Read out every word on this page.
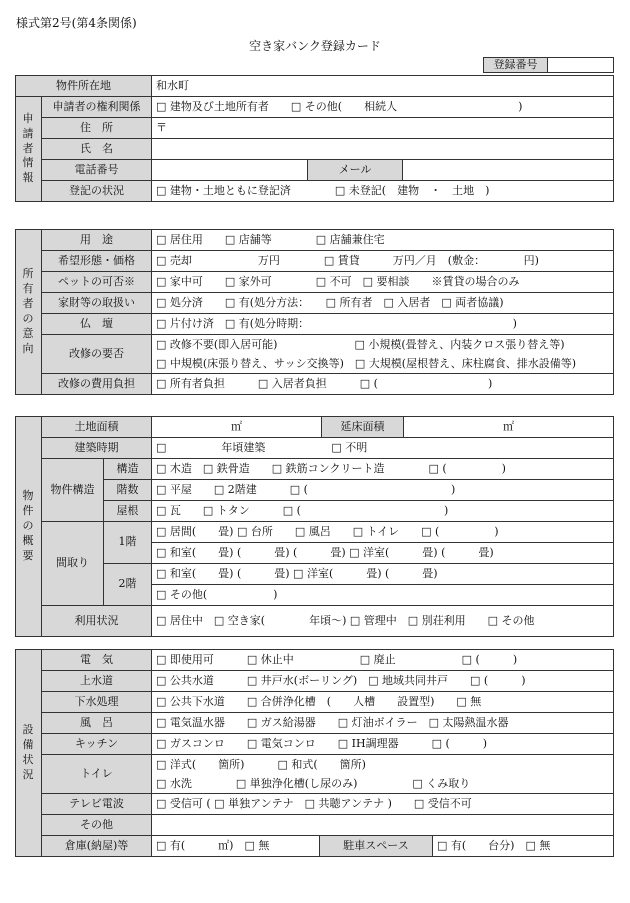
様式第2号(第4条関係)
空き家バンク登録カード
登録番号	
物件所在地		和水町		
申請者情報	申請者の権利関係	□ 建物及び土地所有者　　□ その他(　　相続人　　　　　　　　　　　)		
	住　所	〒		
	氏　名			
	電話番号		メール	
	登記の状況	□ 建物・土地ともに登記済　　　　□ 未登記(　建物　・　土地　)		
所有者の意向	用　途	□ 居住用　　□ 店舗等　　　　□ 店舗兼住宅
	希望形態・価格	□ 売却　　　　　　万円　　　　□ 賃貸　　　万円／月　(敷金：　　　　円)
	ペットの可否※	□ 家中可　　□ 家外可　　　　□ 不可　□ 要相談　　※賃貸の場合のみ
	家財等の取扱い	□ 処分済　　□ 有(処分方法：　　□ 所有者　□ 入居者　□ 両者協議)
	仏　壇	□ 片付け済　□ 有(処分時期：　　　　　　　　　　　　　　　　　　　)
	改修の要否	□ 改修不要(即入居可能)　　　　　　　□ 小規模(畳替え、内装クロス張り替え等)
□ 中規模(床張り替え、サッシ交換等)　□ 大規模(屋根替え、床柱腐食、排水設備等)

	改修の費用負担	□ 所有者負担　　　□ 入居者負担　　　□ (　　　　　　　　　　)
物件の概要	土地面積		㎡	延床面積	㎡
	建築時期		□　　　　　年頃建築　　　　　　□ 不明		
	物件構造	構造	□ 木造　□ 鉄骨造　　□ 鉄筋コンクリート造　　　　□ (　　　　　)		
		階数	□ 平屋　　□ 2階建　　　□ (　　　　　　　　　　　　　)		
		屋根	□ 瓦　　□ トタン　　　□ (　　　　　　　　　　　　　)		
	間取り	1階	□ 居間(　　畳) □ 台所　　□ 風呂　　□ トイレ　　□ (　　　　　)		
			□ 和室(　　畳) (　　　畳) (　　　畳) □ 洋室(　　　畳) (　　　畳)		
		2階	□ 和室(　　畳) (　　　畳) □ 洋室(　　　畳) (　　　畳)		
			□ その他(　　　　　　)		
	利用状況		□ 居住中　□ 空き家(　　　　年頃～) □ 管理中　□ 別荘利用　　□ その他		
設備状況	電　気	□ 即使用可　　　□ 休止中　　　　　　□ 廃止　　　　　　□ (　　　)		
	上水道	□ 公共水道　　　□ 井戸水(ボーリング)　□ 地域共同井戸　　□ (　　　)		
	下水処理	□ 公共下水道　　□ 合併浄化槽　(　　人槽　　設置型)　　□ 無		
	風　呂	□ 電気温水器　　□ ガス給湯器　　□ 灯油ボイラー　□ 太陽熱温水器		
	キッチン	□ ガスコンロ　　□ 電気コンロ　　□ IH調理器　　　□ (　　　)		
	トイレ	□ 洋式(　　箇所)　　　□ 和式(　　箇所)
□ 水洗　　　　□ 単独浄化槽(し尿のみ)　　　　　□ くみ取り		

	テレビ電波	□ 受信可 ( □ 単独アンテナ　□ 共聴アンテナ )　　□ 受信不可		
	その他			
	倉庫(納屋)等	□ 有(　　　㎡)　□ 無	駐車スペース	□ 有(　　台分)　□ 無
